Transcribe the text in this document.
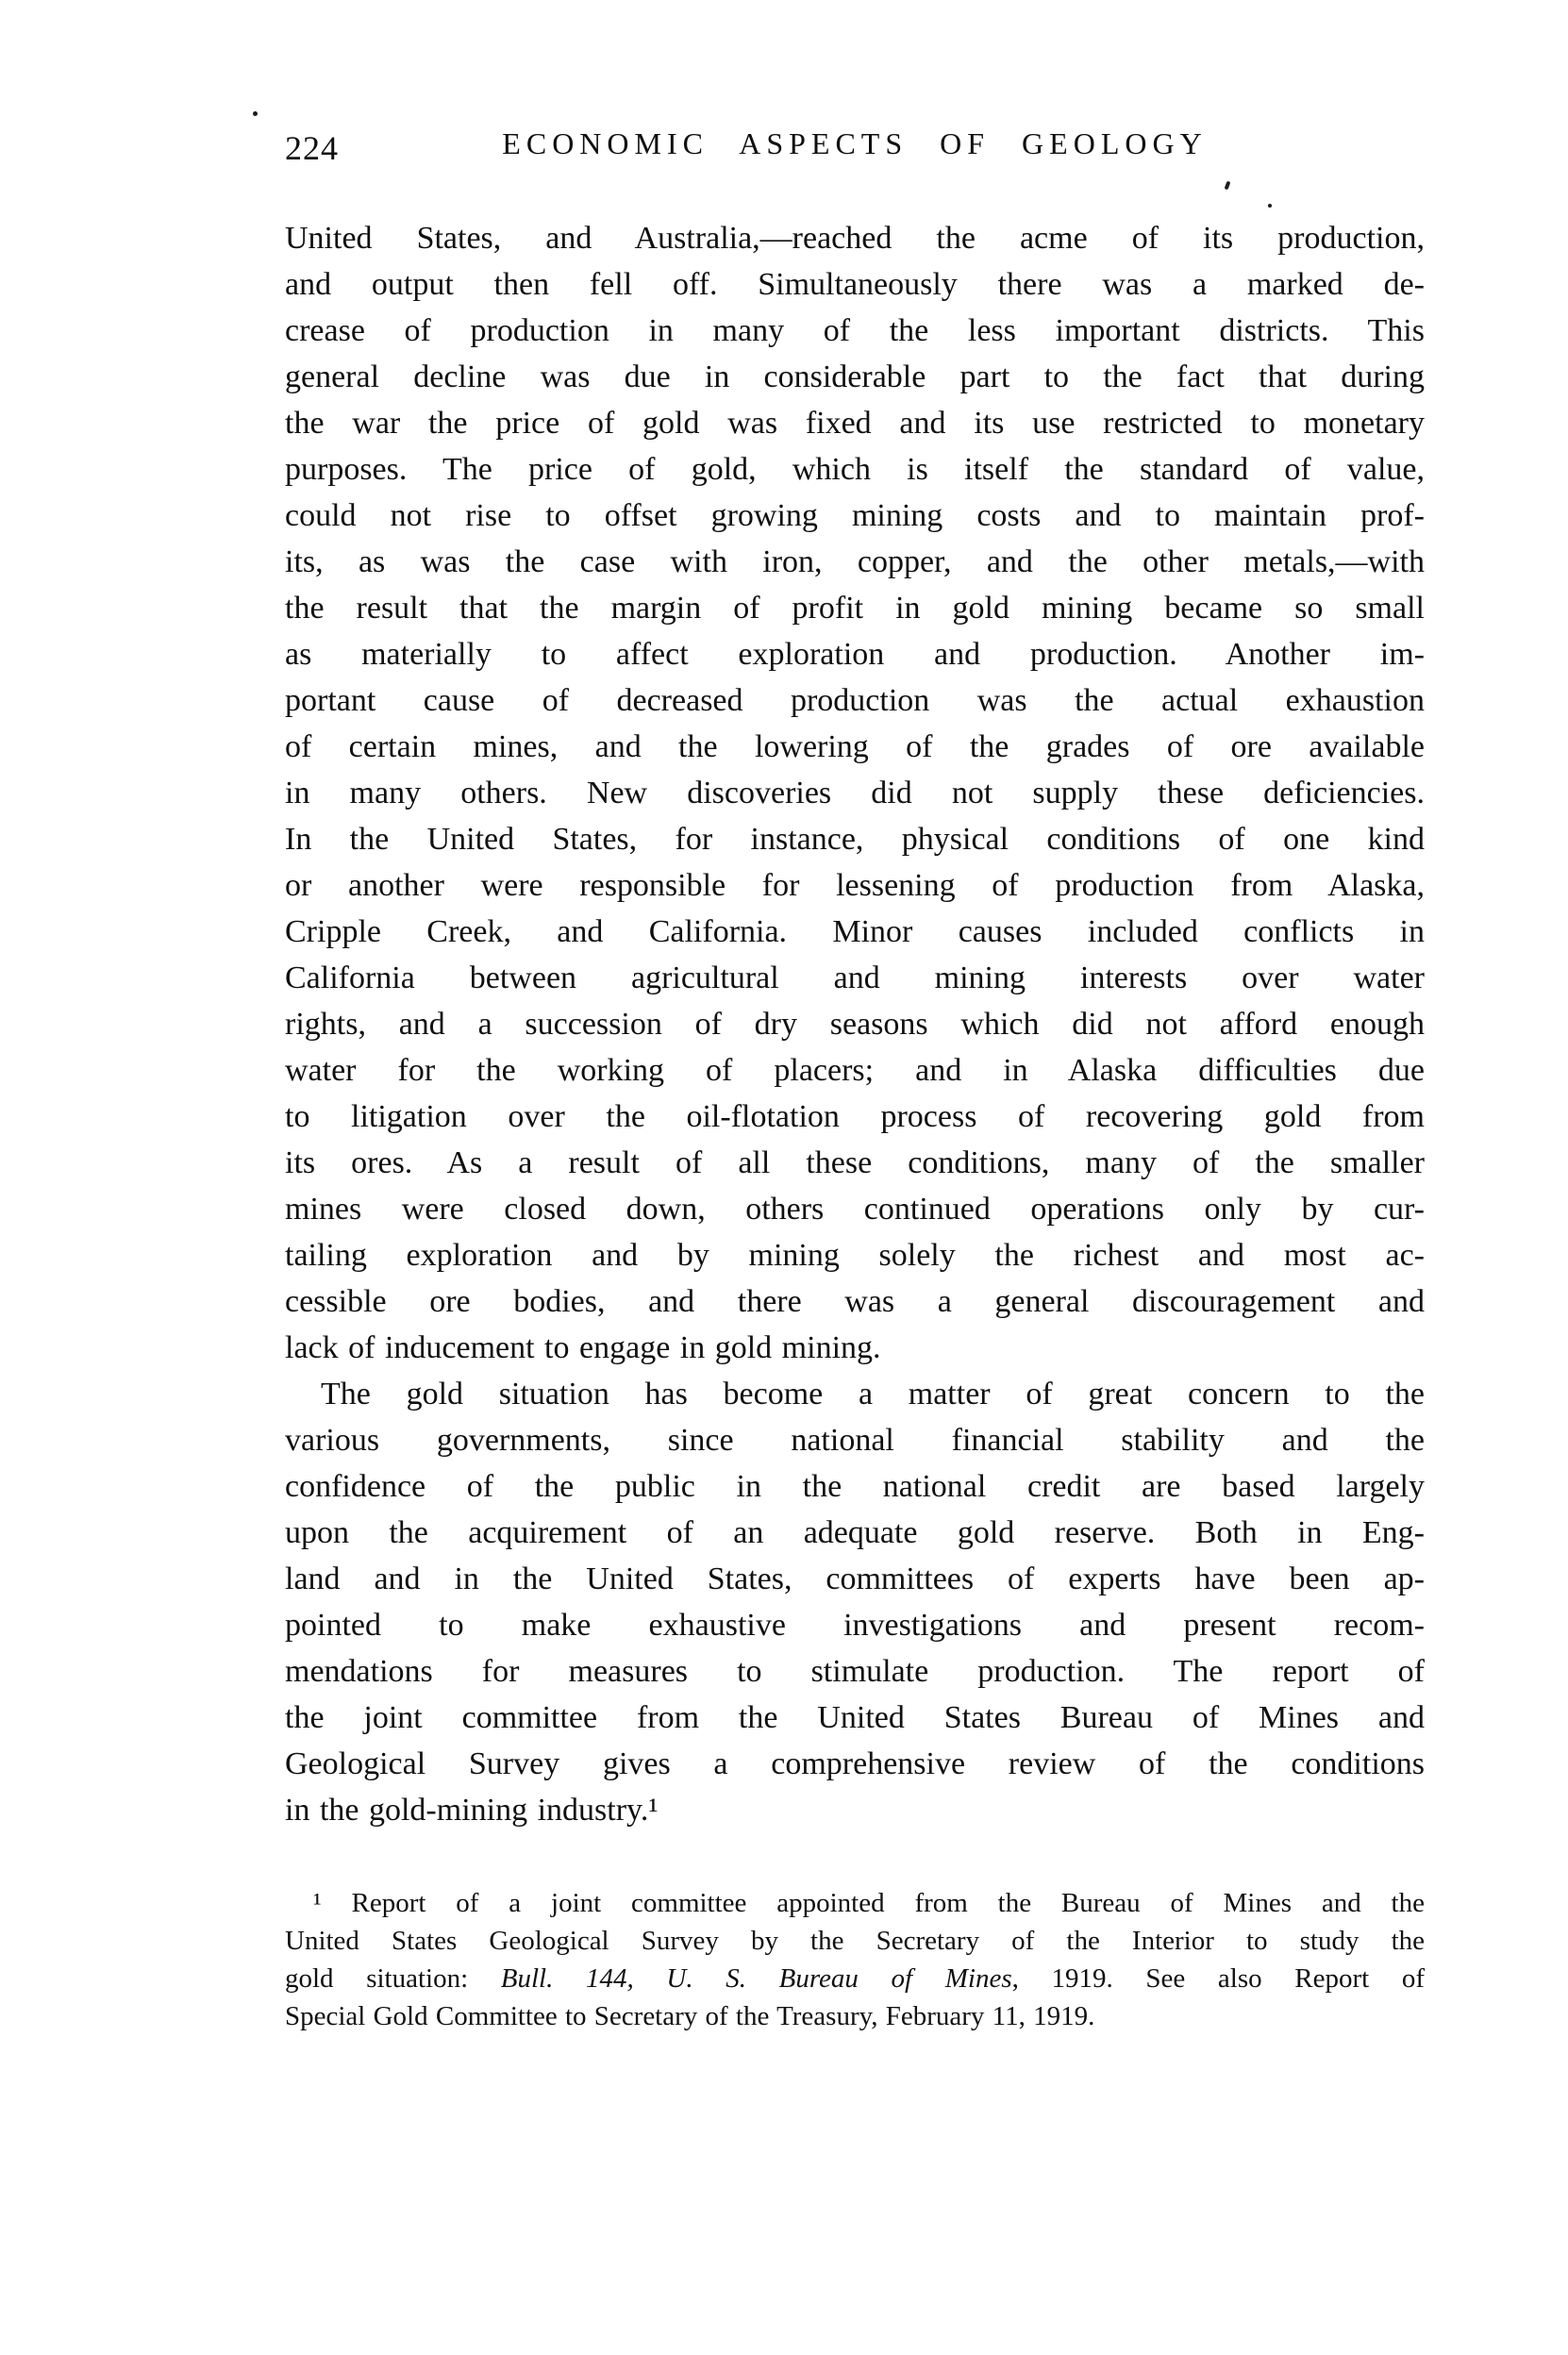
224	ECONOMIC ASPECTS OF GEOLOGY
United States, and Australia,—reached the acme of its production,
and output then fell off. Simultaneously there was a marked de-
crease of production in many of the less important districts. This
general decline was due in considerable part to the fact that during
the war the price of gold was fixed and its use restricted to monetary
purposes. The price of gold, which is itself the standard of value,
could not rise to offset growing mining costs and to maintain prof-
its, as was the case with iron, copper, and the other metals,—with
the result that the margin of profit in gold mining became so small
as materially to affect exploration and production. Another im-
portant cause of decreased production was the actual exhaustion
of certain mines, and the lowering of the grades of ore available
in many others. New discoveries did not supply these deficiencies.
In the United States, for instance, physical conditions of one kind
or another were responsible for lessening of production from Alaska,
Cripple Creek, and California. Minor causes included conflicts in
California between agricultural and mining interests over water
rights, and a succession of dry seasons which did not afford enough
water for the working of placers; and in Alaska difficulties due
to litigation over the oil-flotation process of recovering gold from
its ores. As a result of all these conditions, many of the smaller
mines were closed down, others continued operations only by cur-
tailing exploration and by mining solely the richest and most ac-
cessible ore bodies, and there was a general discouragement and
lack of inducement to engage in gold mining.
The gold situation has become a matter of great concern to the
various governments, since national financial stability and the
confidence of the public in the national credit are based largely
upon the acquirement of an adequate gold reserve. Both in Eng-
land and in the United States, committees of experts have been ap-
pointed to make exhaustive investigations and present recom-
mendations for measures to stimulate production. The report of
the joint committee from the United States Bureau of Mines and
Geological Survey gives a comprehensive review of the conditions
in the gold-mining industry.¹
¹ Report of a joint committee appointed from the Bureau of Mines and the
United States Geological Survey by the Secretary of the Interior to study the
gold situation: Bull. 144, U. S. Bureau of Mines, 1919. See also Report of
Special Gold Committee to Secretary of the Treasury, February 11, 1919.
